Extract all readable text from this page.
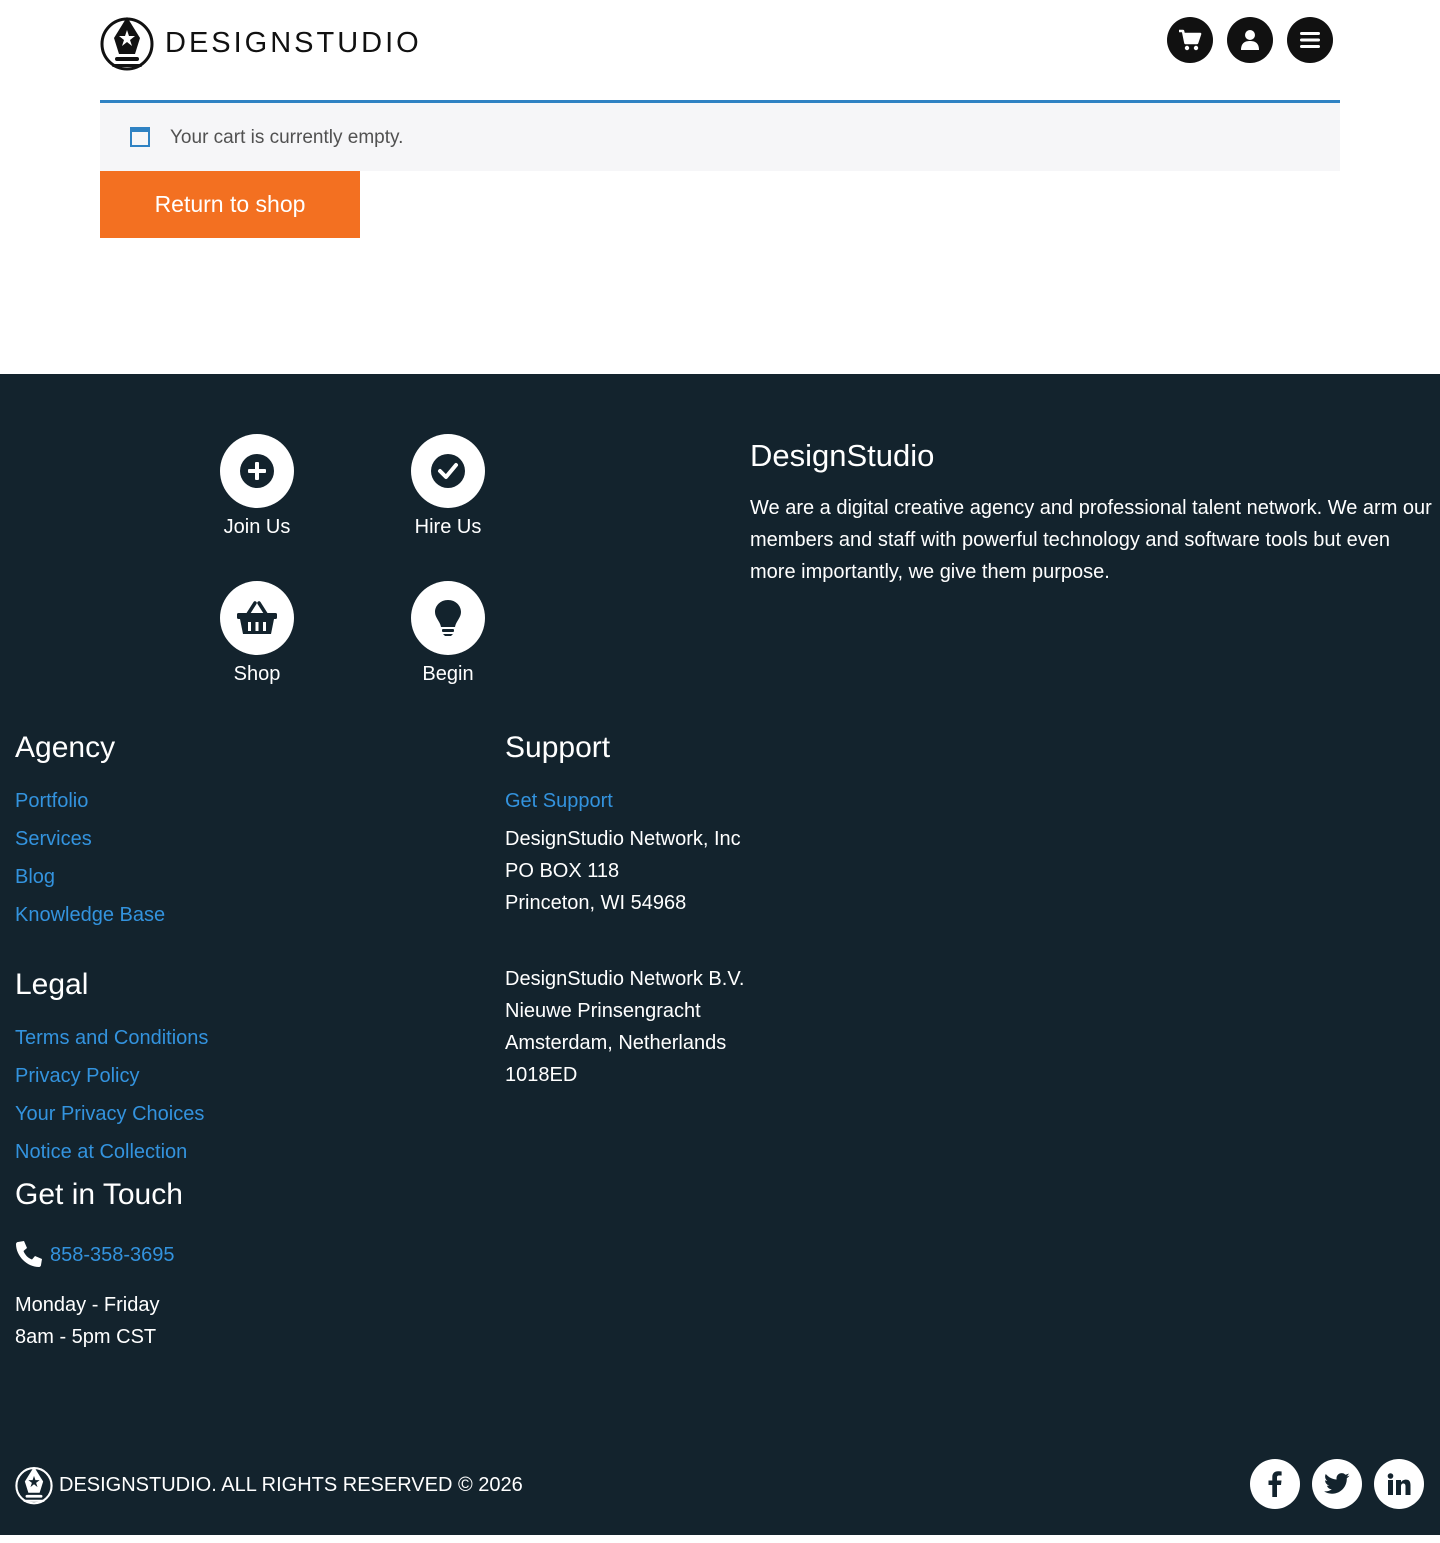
DESIGNSTUDIO
Your cart is currently empty.
Return to shop
Join Us	Hire Us
Shop	Begin
DesignStudio
We are a digital creative agency and professional talent network. We arm our members and staff with powerful technology and software tools but even more importantly, we give them purpose.
Agency
Portfolio
Services
Blog
Knowledge Base
Legal
Terms and Conditions
Privacy Policy
Your Privacy Choices
Notice at Collection
Get in Touch
858-358-3695
Monday - Friday
8am - 5pm CST
Support
Get Support
DesignStudio Network, Inc
PO BOX 118
Princeton, WI 54968
DesignStudio Network B.V.
Nieuwe Prinsengracht
Amsterdam, Netherlands
1018ED
DESIGNSTUDIO. ALL RIGHTS RESERVED © 2026
